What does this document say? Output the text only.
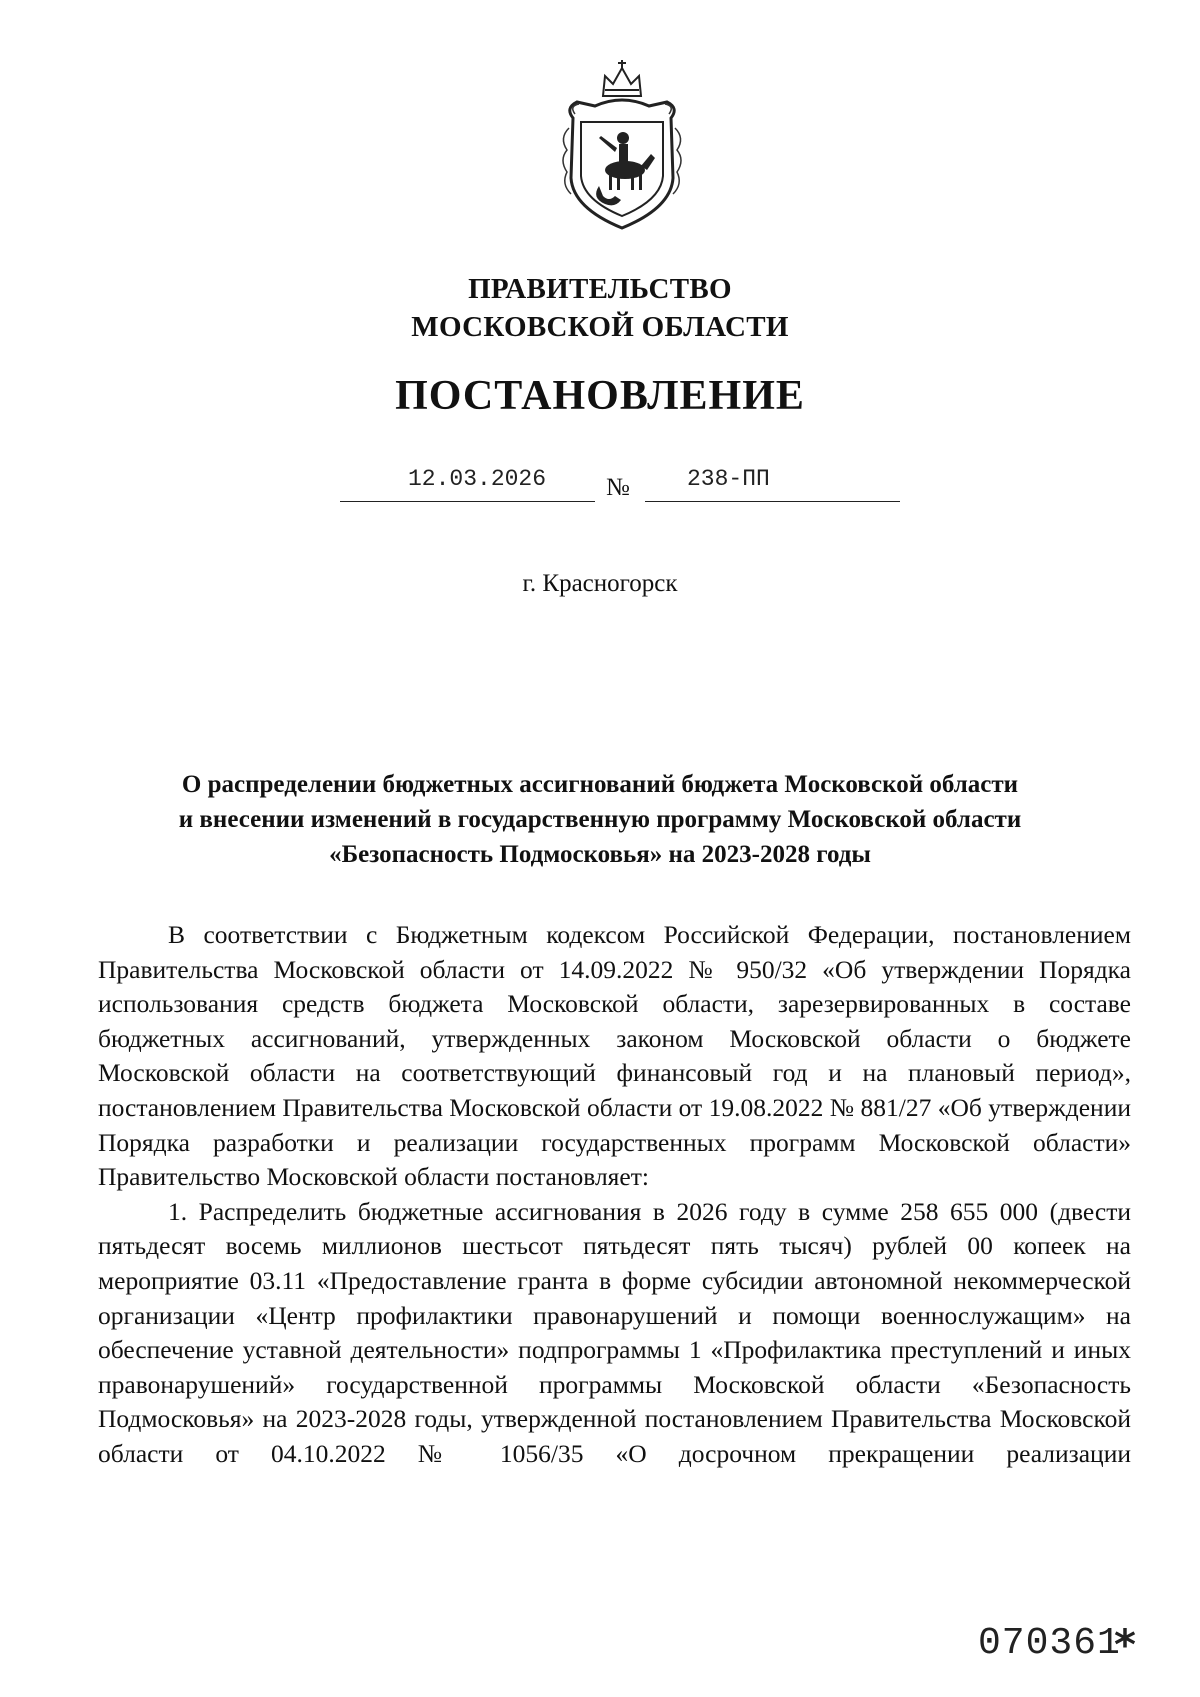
ПРАВИТЕЛЬСТВО
МОСКОВСКОЙ ОБЛАСТИ
ПОСТАНОВЛЕНИЕ
12.03.2026 № 238-ПП
г. Красногорск
О распределении бюджетных ассигнований бюджета Московской области
и внесении изменений в государственную программу Московской области
«Безопасность Подмосковья» на 2023-2028 годы

В соответствии с Бюджетным кодексом Российской Федерации, постановлением Правительства Московской области от 14.09.2022 № 950/32 «Об утверждении Порядка использования средств бюджета Московской области, зарезервированных в составе бюджетных ассигнований, утвержденных законом Московской области о бюджете Московской области на соответствующий финансовый год и на плановый период», постановлением Правительства Московской области от 19.08.2022 № 881/27 «Об утверждении Порядка разработки и реализации государственных программ Московской области» Правительство Московской области постановляет:

1. Распределить бюджетные ассигнования в 2026 году в сумме 258 655 000 (двести пятьдесят восемь миллионов шестьсот пятьдесят пять тысяч) рублей 00 копеек на мероприятие 03.11 «Предоставление гранта в форме субсидии автономной некоммерческой организации «Центр профилактики правонарушений и помощи военнослужащим» на обеспечение уставной деятельности» подпрограммы 1 «Профилактика преступлений и иных правонарушений» государственной программы Московской области «Безопасность Подмосковья» на 2023-2028 годы, утвержденной постановлением Правительства Московской области от 04.10.2022 № 1056/35 «О досрочном прекращении реализации

070361
*
